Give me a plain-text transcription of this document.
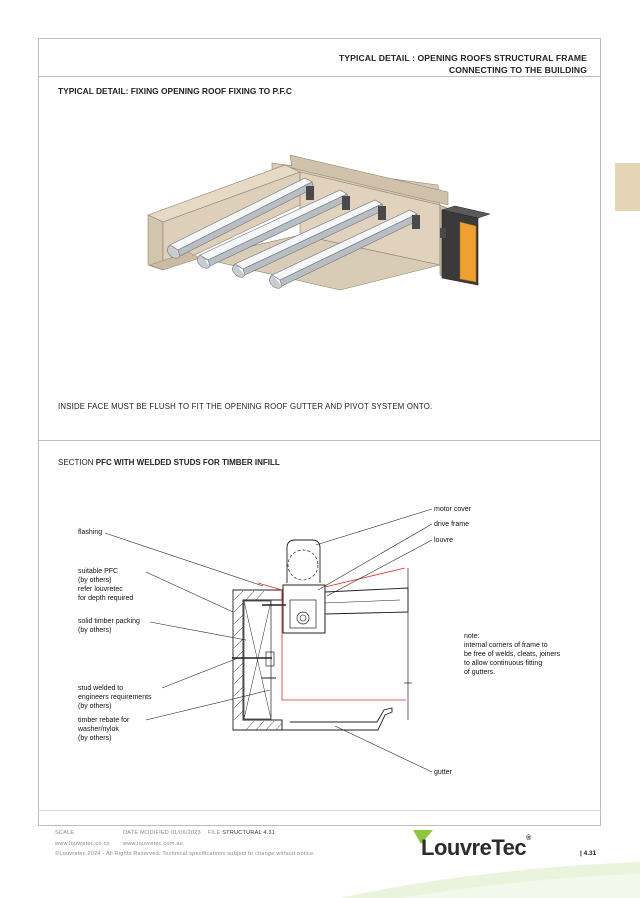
TYPICAL DETAIL : OPENING ROOFS STRUCTURAL FRAME
CONNECTING TO THE BUILDING
TYPICAL DETAIL: FIXING OPENING ROOF FIXING TO P.F.C
INSIDE FACE MUST BE FLUSH TO FIT THE OPENING ROOF GUTTER AND PIVOT SYSTEM ONTO.
SECTION PFC WITH WELDED STUDS FOR TIMBER INFILL
flashing
suitable PFC
(by others)
refer louvretec
for depth required
solid timber packing
(by others)
stud welded to
engineers requirements
(by others)
timber rebate for
washer/nylok
(by others)
motor cover
drive frame
louvre
gutter
note:
internal corners of frame to
be free of welds, cleats, joiners
to allow continuous fitting
of gutters.
SCALE	DATE MODIFIED 01/06/2023 FILE STRUCTURAL 4.31
www.louvretec.co.nz www.louvretec.com.au
©Louvretec 2024 - All Rights Reserved. Technical specifications subject to change without notice.	LouvreTec®
| 4.31
